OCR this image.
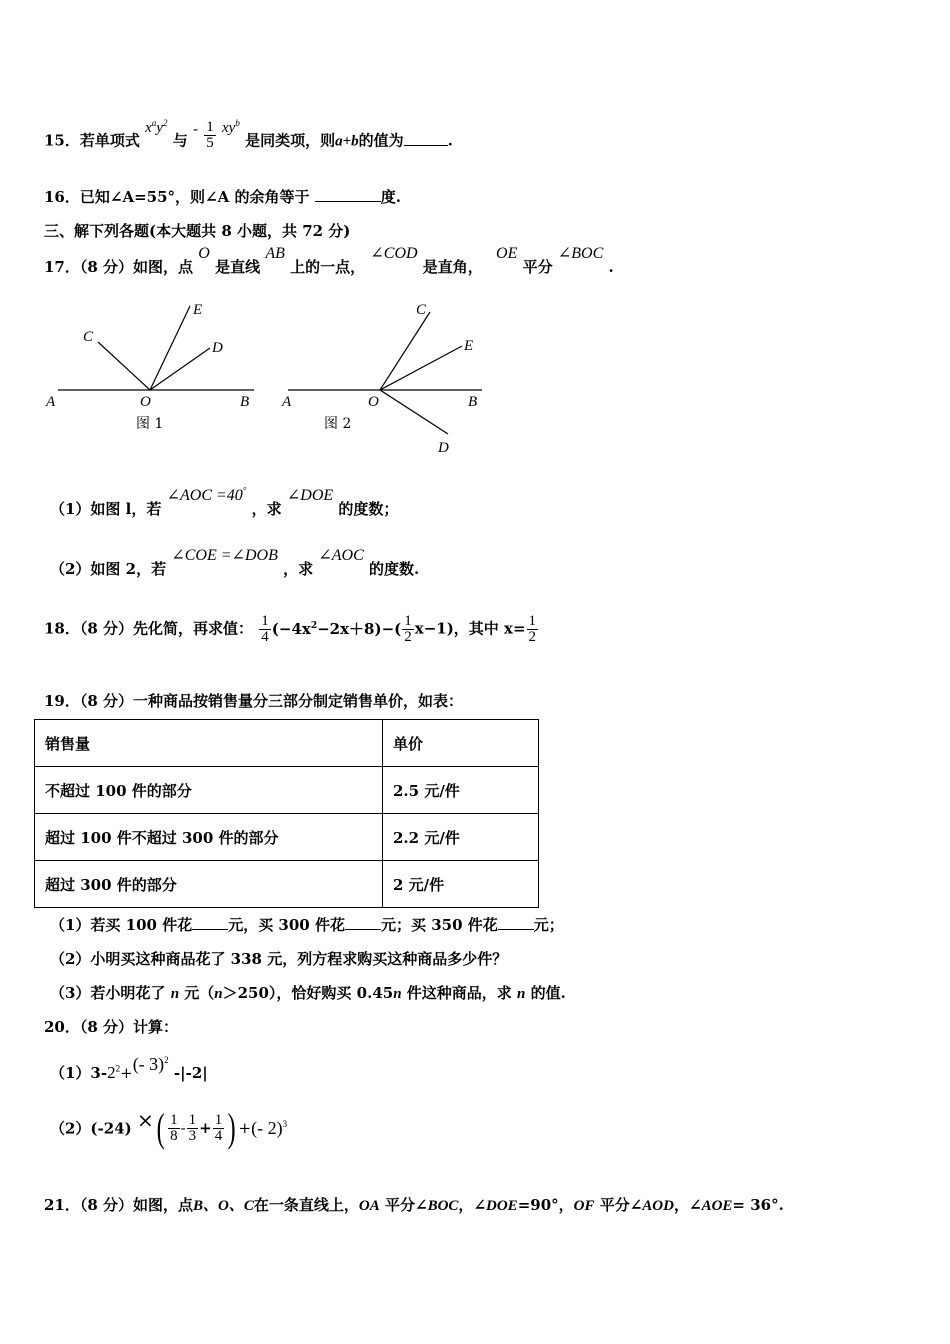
15．若单项式 $x^ay^2$ 与 - $\frac{1}{5} xy^b$ 是同类项，则a+b的值为	.
16．已知∠A=55°，则∠A 的余角等于	度.
三、解下列各题(本大题共 8 小题，共 72 分)
17．（8 分）如图，点 O 是直线 AB 上的一点， ∠COD 是直角， OE 平分 ∠BOC .
A	O	B
C
E
D
图 1
A	O	B
C
E
D
图 2
（1）如图 l，若 ∠AOC =40° ，求 ∠DOE 的度数；
（2）如图 2，若 ∠COE =∠DOB ，求 ∠AOC 的度数.
18．（8 分）先化简，再求值： $\frac{1}{4} (-4x^2-2x+8)-( \frac{1}{2} x-1)$，其中 $x= \frac{1}{2}$
19．（8 分）一种商品按销售量分三部分制定销售单价，如表：
销售量	单价
不超过 100 件的部分	2.5 元/件
超过 100 件不超过 300 件的部分	2.2 元/件
超过 300 件的部分	2 元/件
（1）若买 100 件花 元，买 300 件花 元；买 350 件花 元；
（2）小明买这种商品花了 338 元，列方程求购买这种商品多少件？
（3）若小明花了 n 元（n＞250），恰好购买 0.45n 件这种商品，求 n 的值.
20．（8 分）计算：
$(1)3-2^2+(-$ 3)$^2$ -|-2|
（2）(-24) ×( $\frac{1}{8} - \frac{1}{3} + \frac{1}{4}$ ) +(- 2)$^3$
21．（8 分）如图，点B、O、C在一条直线上，OA 平分∠BOC，∠DOE=90°，OF 平分∠AOD，∠AOE= 36°.
